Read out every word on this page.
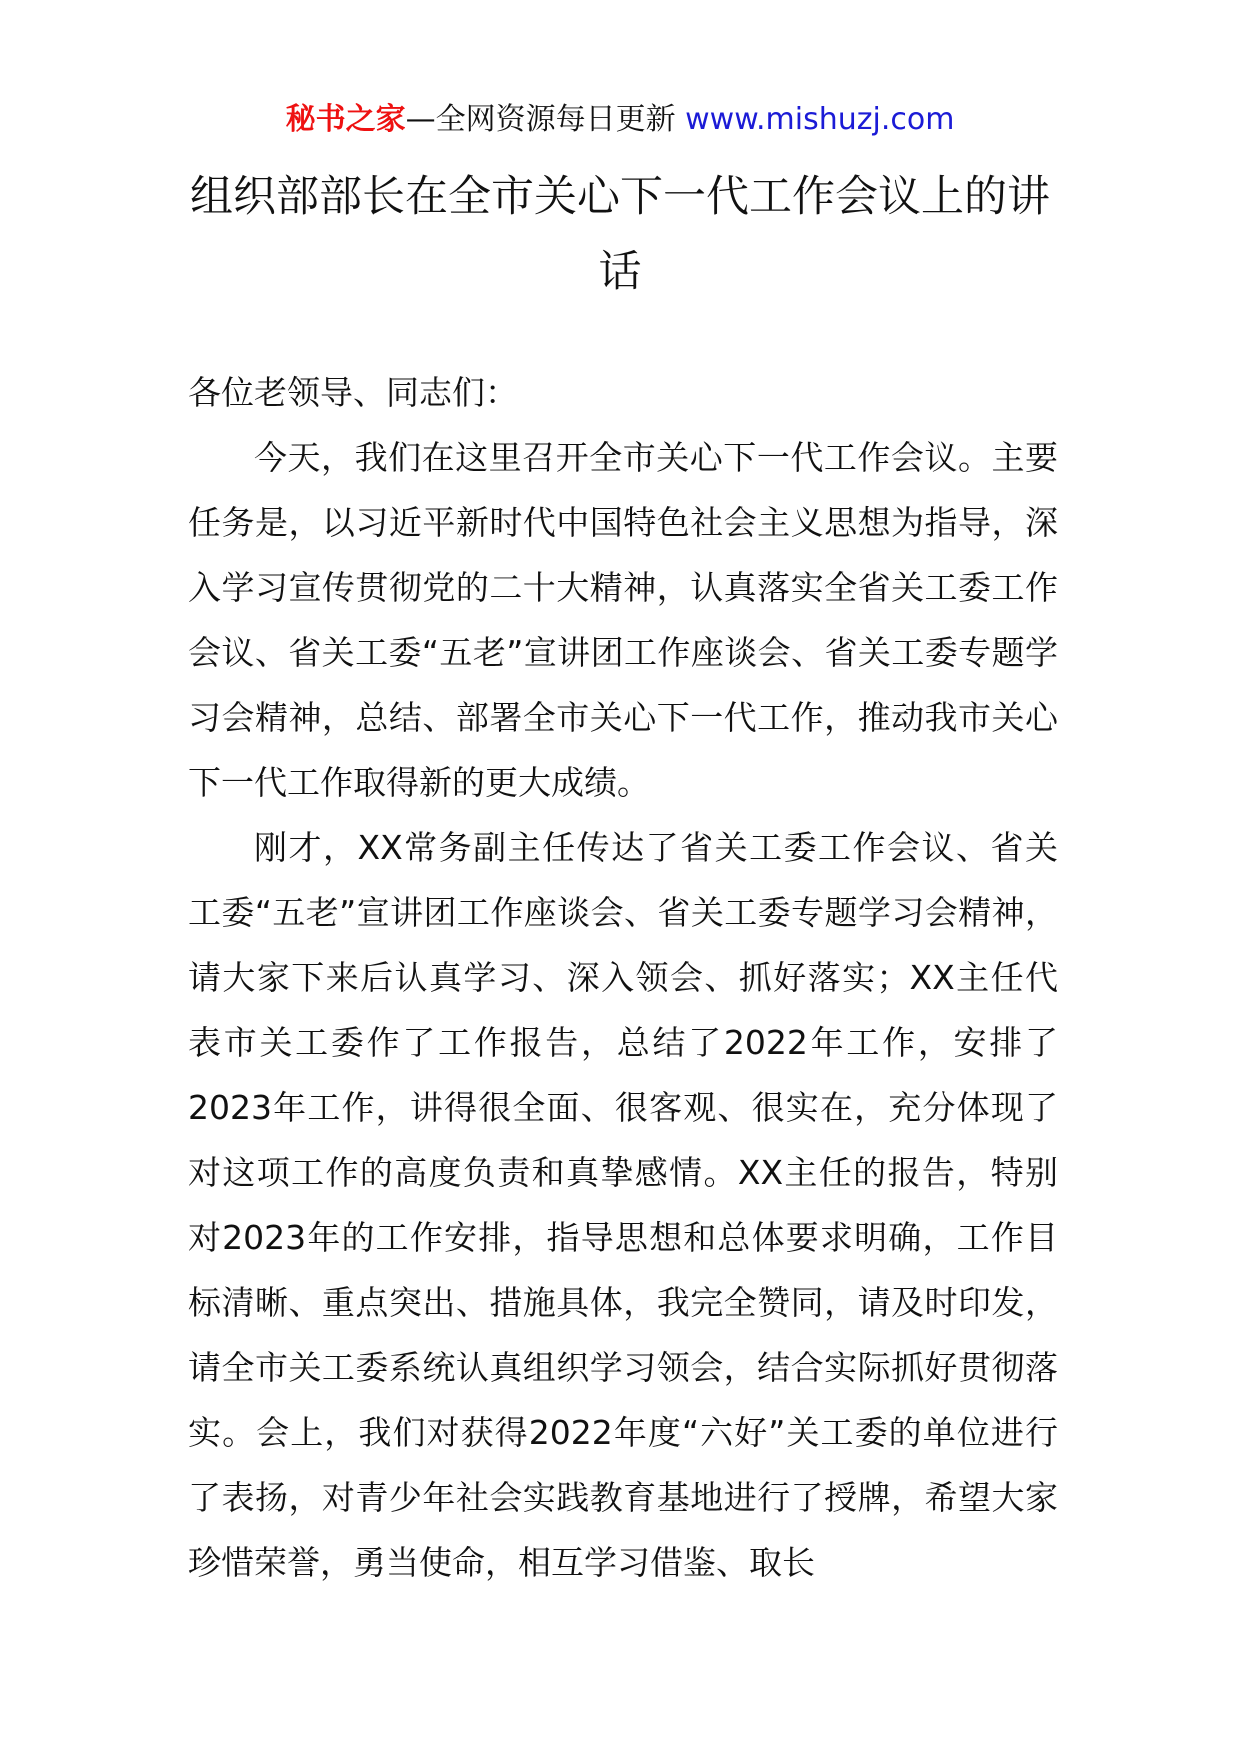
秘书之家—全网资源每日更新 www.mishuzj.com
组织部部长在全市关心下一代工作会议上的讲话

各位老领导、同志们：

今天，我们在这里召开全市关心下一代工作会议。主要任务是，以习近平新时代中国特色社会主义思想为指导，深入学习宣传贯彻党的二十大精神，认真落实全省关工委工作会议、省关工委“五老”宣讲团工作座谈会、省关工委专题学习会精神，总结、部署全市关心下一代工作，推动我市关心下一代工作取得新的更大成绩。

刚才，XX常务副主任传达了省关工委工作会议、省关工委“五老”宣讲团工作座谈会、省关工委专题学习会精神，请大家下来后认真学习、深入领会、抓好落实；XX主任代表市关工委作了工作报告，总结了2022年工作，安排了2023年工作，讲得很全面、很客观、很实在，充分体现了对这项工作的高度负责和真挚感情。XX主任的报告，特别对2023年的工作安排，指导思想和总体要求明确，工作目标清晰、重点突出、措施具体，我完全赞同，请及时印发，请全市关工委系统认真组织学习领会，结合实际抓好贯彻落实。会上，我们对获得2022年度“六好”关工委的单位进行了表扬，对青少年社会实践教育基地进行了授牌，希望大家珍惜荣誉，勇当使命，相互学习借鉴、取长
